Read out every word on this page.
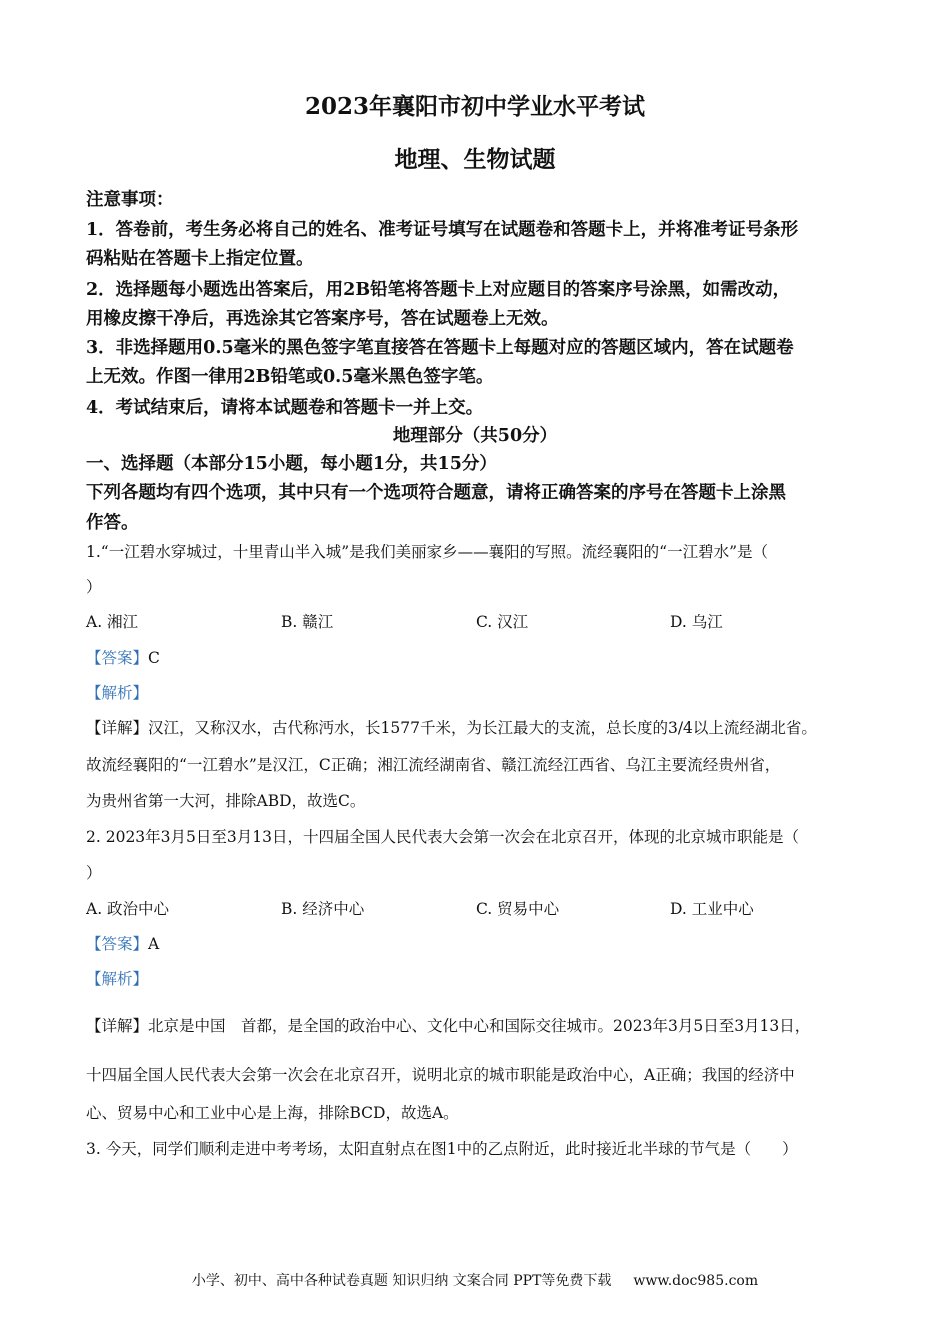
2023年襄阳市初中学业水平考试
地理、生物试题
注意事项：
1．答卷前，考生务必将自己的姓名、准考证号填写在试题卷和答题卡上，并将准考证号条形
码粘贴在答题卡上指定位置。
2．选择题每小题选出答案后，用2B铅笔将答题卡上对应题目的答案序号涂黑，如需改动，
用橡皮擦干净后，再选涂其它答案序号，答在试题卷上无效。
3．非选择题用0.5毫米的黑色签字笔直接答在答题卡上每题对应的答题区域内，答在试题卷
上无效。作图一律用2B铅笔或0.5毫米黑色签字笔。
4．考试结束后，请将本试题卷和答题卡一并上交。
地理部分（共50分）
一、选择题（本部分15小题，每小题1分，共15分）
下列各题均有四个选项，其中只有一个选项符合题意，请将正确答案的序号在答题卡上涂黑
作答。
1.“一江碧水穿城过，十里青山半入城”是我们美丽家乡——襄阳的写照。流经襄阳的“一江碧水”是（
）
A. 湘江	B. 赣江	C. 汉江	D. 乌江
【答案】C
【解析】
【详解】汉江，又称汉水，古代称沔水，长1577千米，为长江最大的支流，总长度的3/4以上流经湖北省。
故流经襄阳的“一江碧水”是汉江，C正确；湘江流经湖南省、赣江流经江西省、乌江主要流经贵州省，
为贵州省第一大河，排除ABD，故选C。
2. 2023年3月5日至3月13日，十四届全国人民代表大会第一次会在北京召开，体现的北京城市职能是（
）
A. 政治中心	B. 经济中心	C. 贸易中心	D. 工业中心
【答案】A
【解析】
【详解】北京是中国　首都，是全国的政治中心、文化中心和国际交往城市。2023年3月5日至3月13日，
十四届全国人民代表大会第一次会在北京召开，说明北京的城市职能是政治中心，A正确；我国的经济中
心、贸易中心和工业中心是上海，排除BCD，故选A。
3. 今天，同学们顺利走进中考考场，太阳直射点在图1中的乙点附近，此时接近北半球的节气是（　　）
小学、初中、高中各种试卷真题 知识归纳 文案合同 PPT等免费下载 www.doc985.com
